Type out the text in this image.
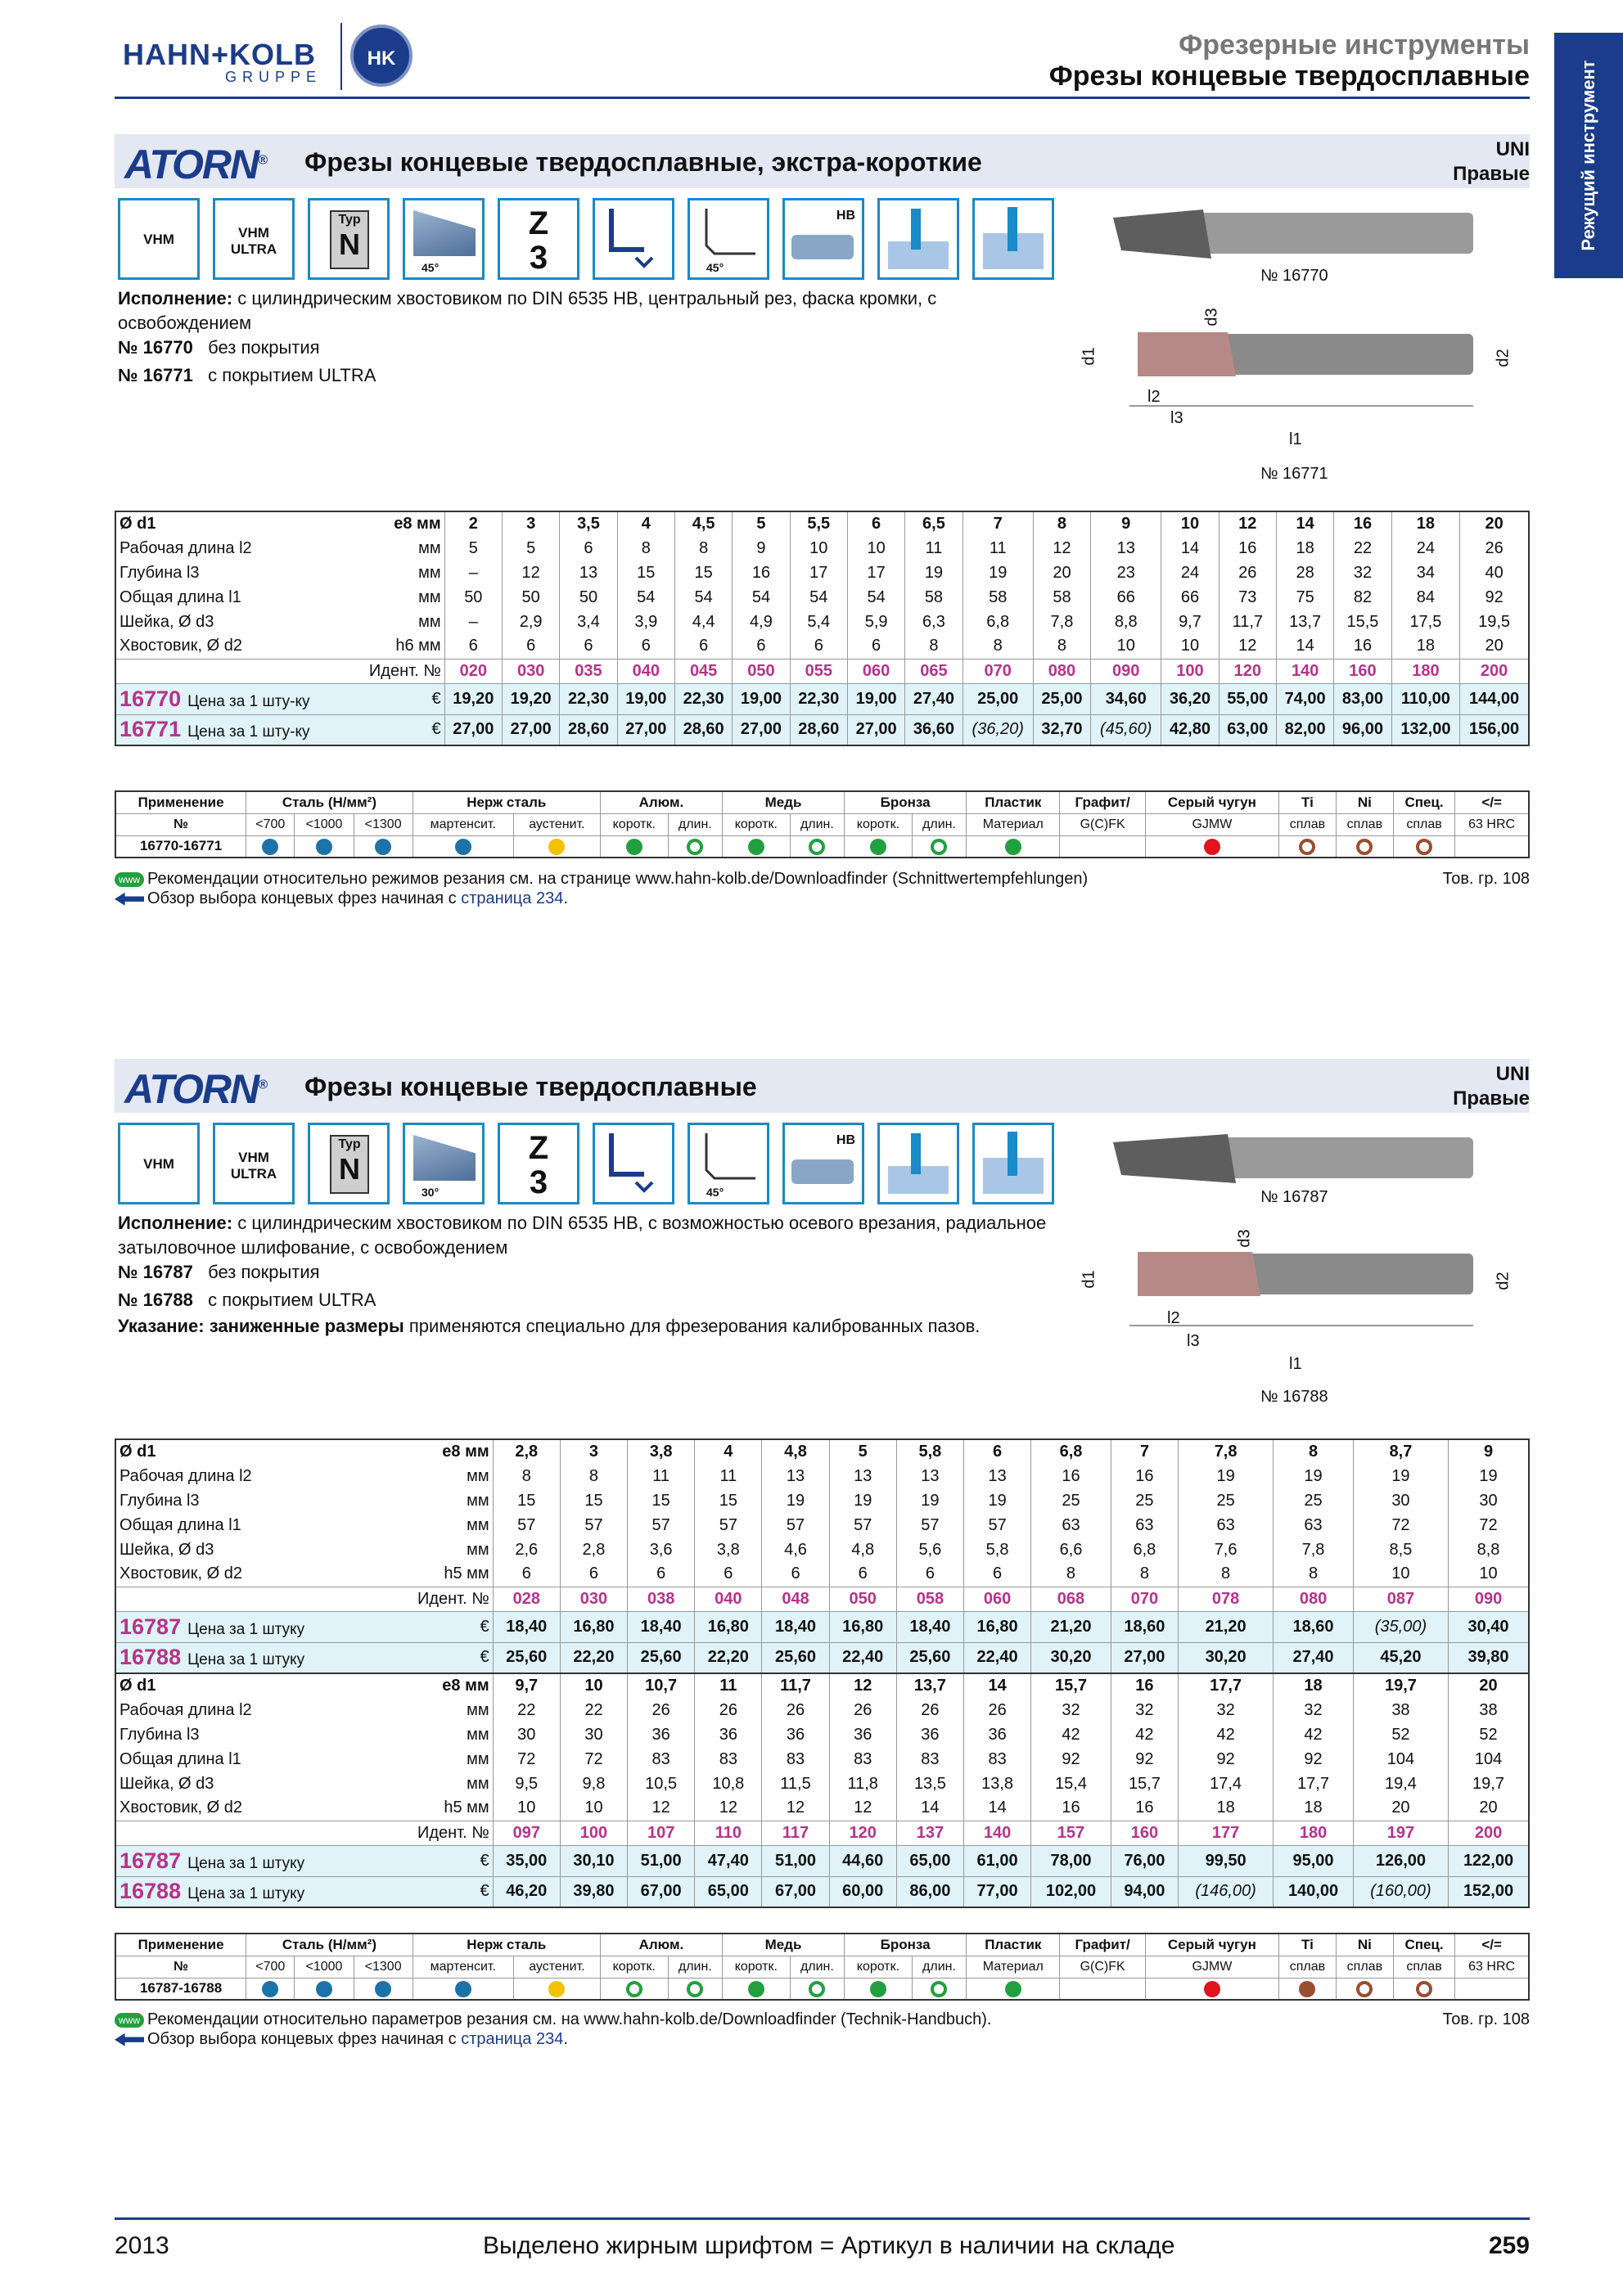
HAHN+KOLB
GRUPPE
HK	Фрезерные инструменты
Фрезы концевые твердосплавные	Режущий инструмент
ATORN® Фрезы концевые твердосплавные, экстра-короткие	UNI
Правые
VHM	VHM ULTRA
Typ
N
45°
Z
3	45°
HB
№ 16770
d1
d3
d2
l2
l3
l1
№ 16771
Исполнение: с цилиндрическим хвостовиком по DIN 6535 HB, центральный рез, фаска кромки, с освобождением
№ 16770 без покрытия
№ 16771 с покрытием ULTRA
Ø d1	e8 мм	2	3	3,5	4	4,5	5	5,5	6	6,5	7	8	9	10	12	14	16	18	20
Рабочая длина l2	мм	5	5	6	8	8	9	10	10	11	11	12	13	14	16	18	22	24	26
Глубина l3	мм	–	12	13	15	15	16	17	17	19	19	20	23	24	26	28	32	34	40
Общая длина l1	мм	50	50	50	54	54	54	54	54	58	58	58	66	66	73	75	82	84	92
Шейка, Ø d3	мм	–	2,9	3,4	3,9	4,4	4,9	5,4	5,9	6,3	6,8	7,8	8,8	9,7	11,7	13,7	15,5	17,5	19,5
Хвостовик, Ø d2	h6 мм	6	6	6	6	6	6	6	6	8	8	8	10	10	12	14	16	18	20
	Идент. №	020	030	035	040	045	050	055	060	065	070	080	090	100	120	140	160	180	200
16770 Цена за 1 шту-ку	€	19,20	19,20	22,30	19,00	22,30	19,00	22,30	19,00	27,40	25,00	25,00	34,60	36,20	55,00	74,00	83,00	110,00	144,00
16771 Цена за 1 шту-ку	€	27,00	27,00	28,60	27,00	28,60	27,00	28,60	27,00	36,60	(36,20)	32,70	(45,60)	42,80	63,00	82,00	96,00	132,00	156,00
Применение	Сталь (Н/мм²)			Нерж сталь		Алюм.		Медь		Бронза		Пластик	Графит/	Серый чугун	Ti	Ni	Спец.	</=
№	<700	<1000	<1300	мартенсит.	аустенит.	коротк.	длин.	коротк.	длин.	коротк.	длин.	Материал	G(C)FK	GJMW	сплав	сплав	сплав	63 HRC
16770-16771																		
www Рекомендации относительно режимов резания см. на странице www.hahn-kolb.de/Downloadfinder (Schnittwertempfehlungen)
Обзор выбора концевых фрез начиная с страница 234.
Тов. гр. 108
ATORN® Фрезы концевые твердосплавные	UNI
Правые
VHM	VHM ULTRA
Typ
N
30°
Z
3	45°
HB
№ 16787
d1
d3
d2
l2
l3
l1
№ 16788
Исполнение: с цилиндрическим хвостовиком по DIN 6535 HB, с возможностью осевого врезания, радиальное затыловочное шлифование, с освобождением
№ 16787 без покрытия
№ 16788 с покрытием ULTRA
Указание: заниженные размеры применяются специально для фрезерования калиброванных пазов.
Ø d1	e8 мм	2,8	3	3,8	4	4,8	5	5,8	6	6,8	7	7,8	8	8,7	9
Рабочая длина l2	мм	8	8	11	11	13	13	13	13	16	16	19	19	19	19
Глубина l3	мм	15	15	15	15	19	19	19	19	25	25	25	25	30	30
Общая длина l1	мм	57	57	57	57	57	57	57	57	63	63	63	63	72	72
Шейка, Ø d3	мм	2,6	2,8	3,6	3,8	4,6	4,8	5,6	5,8	6,6	6,8	7,6	7,8	8,5	8,8
Хвостовик, Ø d2	h5 мм	6	6	6	6	6	6	6	6	8	8	8	8	10	10
	Идент. №	028	030	038	040	048	050	058	060	068	070	078	080	087	090
16787 Цена за 1 штуку	€	18,40	16,80	18,40	16,80	18,40	16,80	18,40	16,80	21,20	18,60	21,20	18,60	(35,00)	30,40
16788 Цена за 1 штуку	€	25,60	22,20	25,60	22,20	25,60	22,40	25,60	22,40	30,20	27,00	30,20	27,40	45,20	39,80
Ø d1	e8 мм	9,7	10	10,7	11	11,7	12	13,7	14	15,7	16	17,7	18	19,7	20
Рабочая длина l2	мм	22	22	26	26	26	26	26	26	32	32	32	32	38	38
Глубина l3	мм	30	30	36	36	36	36	36	36	42	42	42	42	52	52
Общая длина l1	мм	72	72	83	83	83	83	83	83	92	92	92	92	104	104
Шейка, Ø d3	мм	9,5	9,8	10,5	10,8	11,5	11,8	13,5	13,8	15,4	15,7	17,4	17,7	19,4	19,7
Хвостовик, Ø d2	h5 мм	10	10	12	12	12	12	14	14	16	16	18	18	20	20
	Идент. №	097	100	107	110	117	120	137	140	157	160	177	180	197	200
16787 Цена за 1 штуку	€	35,00	30,10	51,00	47,40	51,00	44,60	65,00	61,00	78,00	76,00	99,50	95,00	126,00	122,00
16788 Цена за 1 штуку	€	46,20	39,80	67,00	65,00	67,00	60,00	86,00	77,00	102,00	94,00	(146,00)	140,00	(160,00)	152,00
Применение	Сталь (Н/мм²)			Нерж сталь		Алюм.		Медь		Бронза		Пластик	Графит/	Серый чугун	Ti	Ni	Спец.	</=
№	<700	<1000	<1300	мартенсит.	аустенит.	коротк.	длин.	коротк.	длин.	коротк.	длин.	Материал	G(C)FK	GJMW	сплав	сплав	сплав	63 HRC
16787-16788																		
www Рекомендации относительно параметров резания см. на www.hahn-kolb.de/Downloadfinder (Technik-Handbuch).
Обзор выбора концевых фрез начиная с страница 234.
Тов. гр. 108
2013	Выделено жирным шрифтом = Артикул в наличии на складе	259
